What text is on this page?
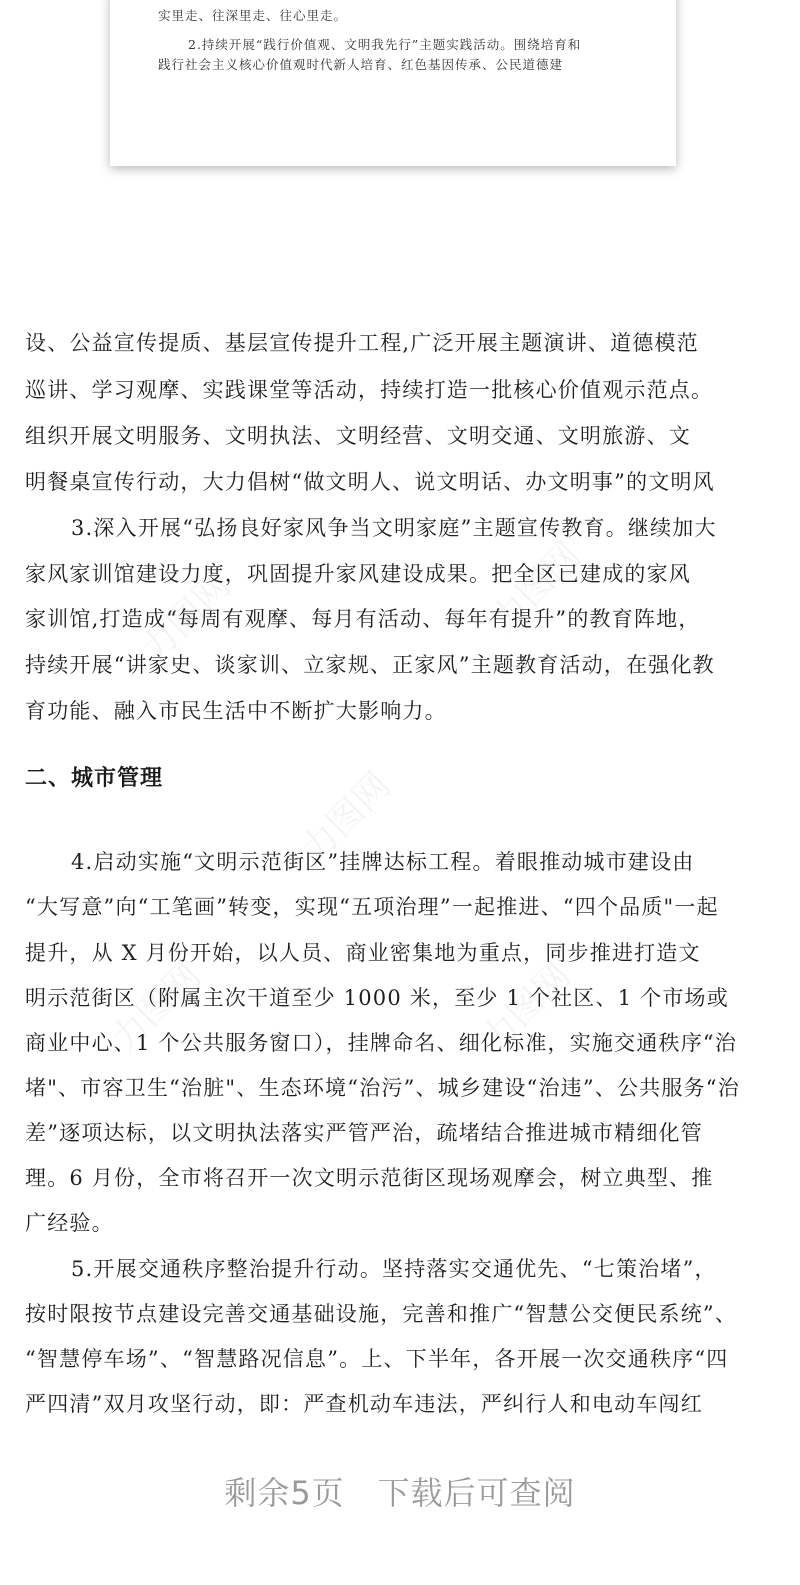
实里走、往深里走、往心里走。

2.持续开展“践行价值观、文明我先行”主题实践活动。围绕培育和

践行社会主义核心价值观时代新人培育、红色基因传承、公民道德建

力图网	力图网
力图网
力图网	力图网

设、公益宣传提质、基层宣传提升工程,广泛开展主题演讲、道德模范

巡讲、学习观摩、实践课堂等活动，持续打造一批核心价值观示范点。

组织开展文明服务、文明执法、文明经营、文明交通、文明旅游、文

明餐桌宣传行动，大力倡树“做文明人、说文明话、办文明事”的文明风

3.深入开展“弘扬良好家风争当文明家庭”主题宣传教育。继续加大

家风家训馆建设力度，巩固提升家风建设成果。把全区已建成的家风

家训馆,打造成“每周有观摩、每月有活动、每年有提升”的教育阵地，

持续开展“讲家史、谈家训、立家规、正家风”主题教育活动，在强化教

育功能、融入市民生活中不断扩大影响力。

二、城市管理

4.启动实施“文明示范街区”挂牌达标工程。着眼推动城市建设由

“大写意”向“工笔画”转变，实现“五项治理”一起推进、“四个品质"一起

提升，从 X 月份开始，以人员、商业密集地为重点，同步推进打造文

明示范街区（附属主次干道至少 1000 米，至少 1 个社区、1 个市场或

商业中心、1 个公共服务窗口），挂牌命名、细化标准，实施交通秩序“治

堵"、市容卫生“治脏"、生态环境“治污”、城乡建设“治违”、公共服务“治

差”逐项达标，以文明执法落实严管严治，疏堵结合推进城市精细化管

理。6 月份，全市将召开一次文明示范街区现场观摩会，树立典型、推

广经验。

5.开展交通秩序整治提升行动。坚持落实交通优先、“七策治堵”，

按时限按节点建设完善交通基础设施，完善和推广“智慧公交便民系统”、

“智慧停车场”、“智慧路况信息”。上、下半年，各开展一次交通秩序“四

严四清”双月攻坚行动，即：严查机动车违法，严纠行人和电动车闯红

剩余5页　下载后可查阅
